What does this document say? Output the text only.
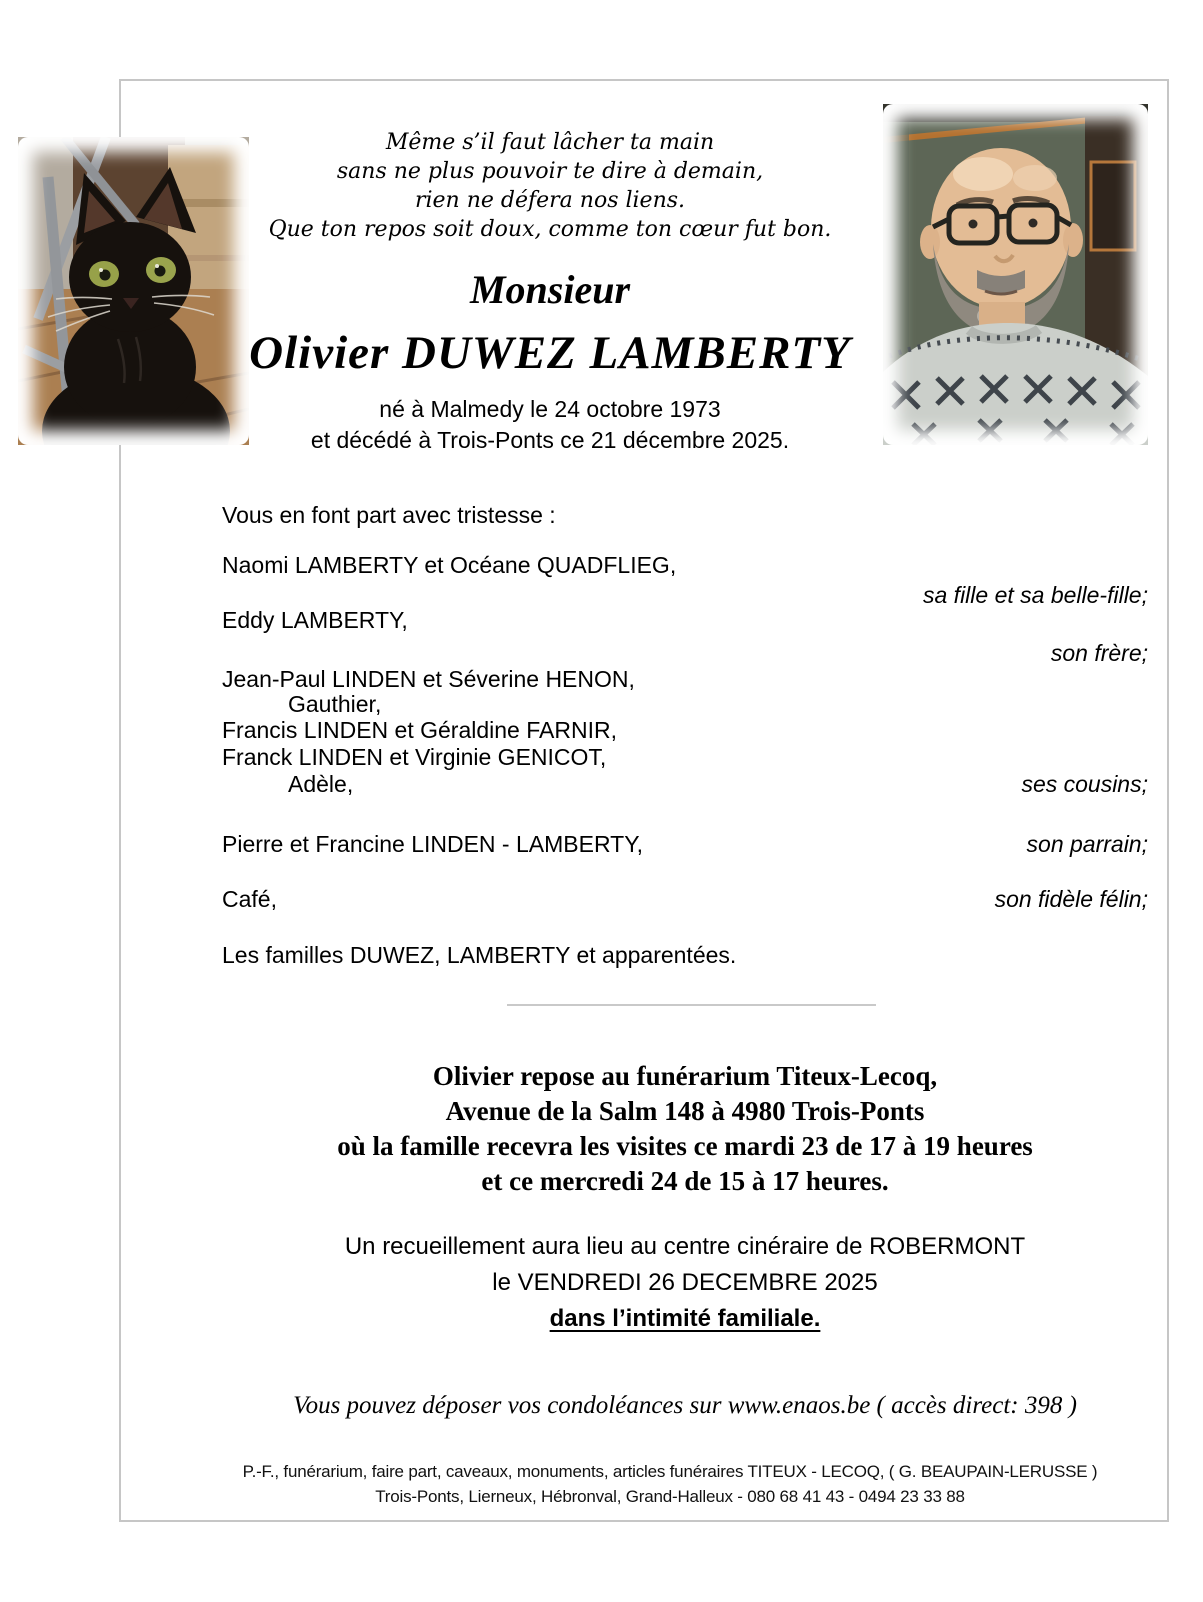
Même s’il faut lâcher ta main
sans ne plus pouvoir te dire à demain,
rien ne défera nos liens.
Que ton repos soit doux, comme ton cœur fut bon.
Monsieur
Olivier DUWEZ LAMBERTY
né à Malmedy le 24 octobre 1973
et décédé à Trois-Ponts ce 21 décembre 2025.
Vous en font part avec tristesse :
Naomi LAMBERTY et Océane QUADFLIEG,
sa fille et sa belle-fille;
Eddy LAMBERTY,
son frère;
Jean-Paul LINDEN et Séverine HENON,
Gauthier,
Francis LINDEN et Géraldine FARNIR,
Franck LINDEN et Virginie GENICOT,
Adèle,	ses cousins;
Pierre et Francine LINDEN - LAMBERTY,	son parrain;
Café,	son fidèle félin;
Les familles DUWEZ, LAMBERTY et apparentées.
Olivier repose au funérarium Titeux-Lecoq,
Avenue de la Salm 148 à 4980 Trois-Ponts
où la famille recevra les visites ce mardi 23 de 17 à 19 heures
et ce mercredi 24 de 15 à 17 heures.
Un recueillement aura lieu au centre cinéraire de ROBERMONT
le VENDREDI 26 DECEMBRE 2025
dans l’intimité familiale.
Vous pouvez déposer vos condoléances sur www.enaos.be ( accès direct: 398 )
P.-F., funérarium, faire part, caveaux, monuments, articles funéraires TITEUX - LECOQ, ( G. BEAUPAIN-LERUSSE )
Trois-Ponts, Lierneux, Hébronval, Grand-Halleux - 080 68 41 43 - 0494 23 33 88
